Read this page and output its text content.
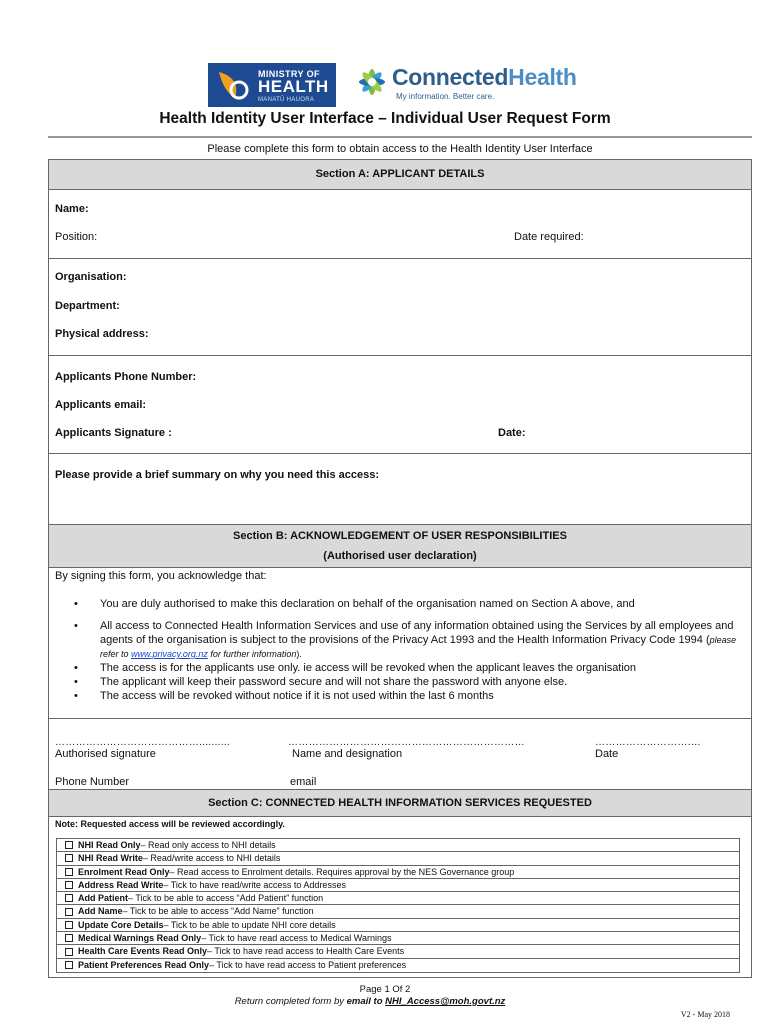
MINISTRY OF
HEALTH
MANATŪ HAUORA
ConnectedHealth
My information. Better care.
Health Identity User Interface – Individual User Request Form
Please complete this form to obtain access to the Health Identity User Interface
Section A: APPLICANT DETAILS
Name:
Position:	Date required:
Organisation:
Department:
Physical address:
Applicants Phone Number:
Applicants email:
Applicants Signature :	Date:
Please provide a brief summary on why you need this access:
Section B: ACKNOWLEDGEMENT OF USER RESPONSIBILITIES
(Authorised user declaration)
By signing this form, you acknowledge that:
• You are duly authorised to make this declaration on behalf of the organisation named on Section A above, and
• All access to Connected Health Information Services and use of any information obtained using the Services by all employees and agents of the organisation is subject to the provisions of the Privacy Act 1993 and the Health Information Privacy Code 1994 (please refer to www.privacy.org.nz for further information).
• The access is for the applicants use only. ie access will be revoked when the applicant leaves the organisation
• The applicant will keep their password secure and will not share the password with anyone else.
• The access will be revoked without notice if it is not used within the last 6 months
……………………………………..........	……………………………………………………………	……………………….…
Authorised signature	Name and designation	Date
Phone Number	email
Section C: CONNECTED HEALTH INFORMATION SERVICES REQUESTED
Note: Requested access will be reviewed accordingly.
NHI Read Only – Read only access to NHI details
NHI Read Write – Read/write access to NHI details
Enrolment Read Only – Read access to Enrolment details. Requires approval by the NES Governance group
Address Read Write – Tick to have read/write access to Addresses
Add Patient – Tick to be able to access “Add Patient” function
Add Name – Tick to be able to access “Add Name” function
Update Core Details – Tick to be able to update NHI core details
Medical Warnings Read Only – Tick to have read access to Medical Warnings
Health Care Events Read Only – Tick to have read access to Health Care Events
Patient Preferences Read Only – Tick to have read access to Patient preferences
Page 1 Of 2
Return completed form by email to NHI_Access@moh.govt.nz
V2 - May 2018
